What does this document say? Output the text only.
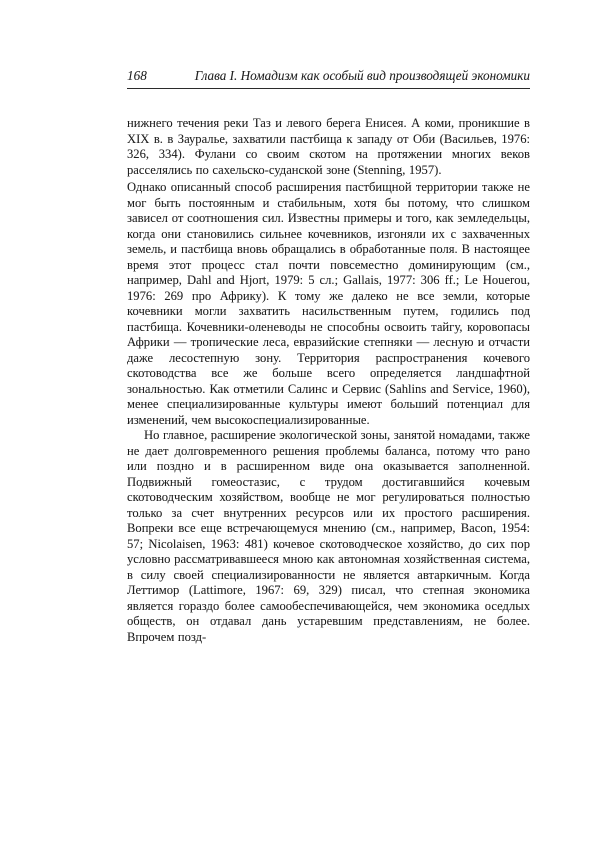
168	Глава I. Номадизм как особый вид производящей экономики

нижнего течения реки Таз и левого берега Енисея. А коми, проникшие в XIX в. в Зауралье, захватили пастбища к западу от Оби (Васильев, 1976: 326, 334). Фулани со своим скотом на протяжении многих веков расселялись по сахельско-суданской зоне (Stenning, 1957).

Однако описанный способ расширения пастбищной территории также не мог быть постоянным и стабильным, хотя бы потому, что слишком зависел от соотношения сил. Известны примеры и того, как земледельцы, когда они становились сильнее кочевников, изгоняли их с захваченных земель, и пастбища вновь обращались в обработанные поля. В настоящее время этот процесс стал почти повсеместно доминирующим (см., например, Dahl and Hjort, 1979: 5 сл.; Gallais, 1977: 306 ff.; Le Houerou, 1976: 269 про Африку). К тому же далеко не все земли, которые кочевники могли захватить насильственным путем, годились под пастбища. Кочевники-оленеводы не способны освоить тайгу, коровопасы Африки — тропические леса, евразийские степняки — лесную и отчасти даже лесостепную зону. Территория распространения кочевого скотоводства все же больше всего определяется ландшафтной зональностью. Как отметили Салинс и Сервис (Sahlins and Service, 1960), менее специализированные культуры имеют больший потенциал для изменений, чем высокоспециализированные.

Но главное, расширение экологической зоны, занятой номадами, также не дает долговременного решения проблемы баланса, потому что рано или поздно и в расширенном виде она оказывается заполненной. Подвижный гомеостазис, с трудом достигавшийся кочевым скотоводческим хозяйством, вообще не мог регулироваться полностью только за счет внутренних ресурсов или их простого расширения. Вопреки все еще встречающемуся мнению (см., например, Bacon, 1954: 57; Nicolaisen, 1963: 481) кочевое скотоводческое хозяйство, до сих пор условно рассматривавшееся мною как автономная хозяйственная система, в силу своей специализированности не является автаркичным. Когда Леттимор (Lattimore, 1967: 69, 329) писал, что степная экономика является гораздо более самообеспечивающейся, чем экономика оседлых обществ, он отдавал дань устаревшим представлениям, не более. Впрочем позд-
